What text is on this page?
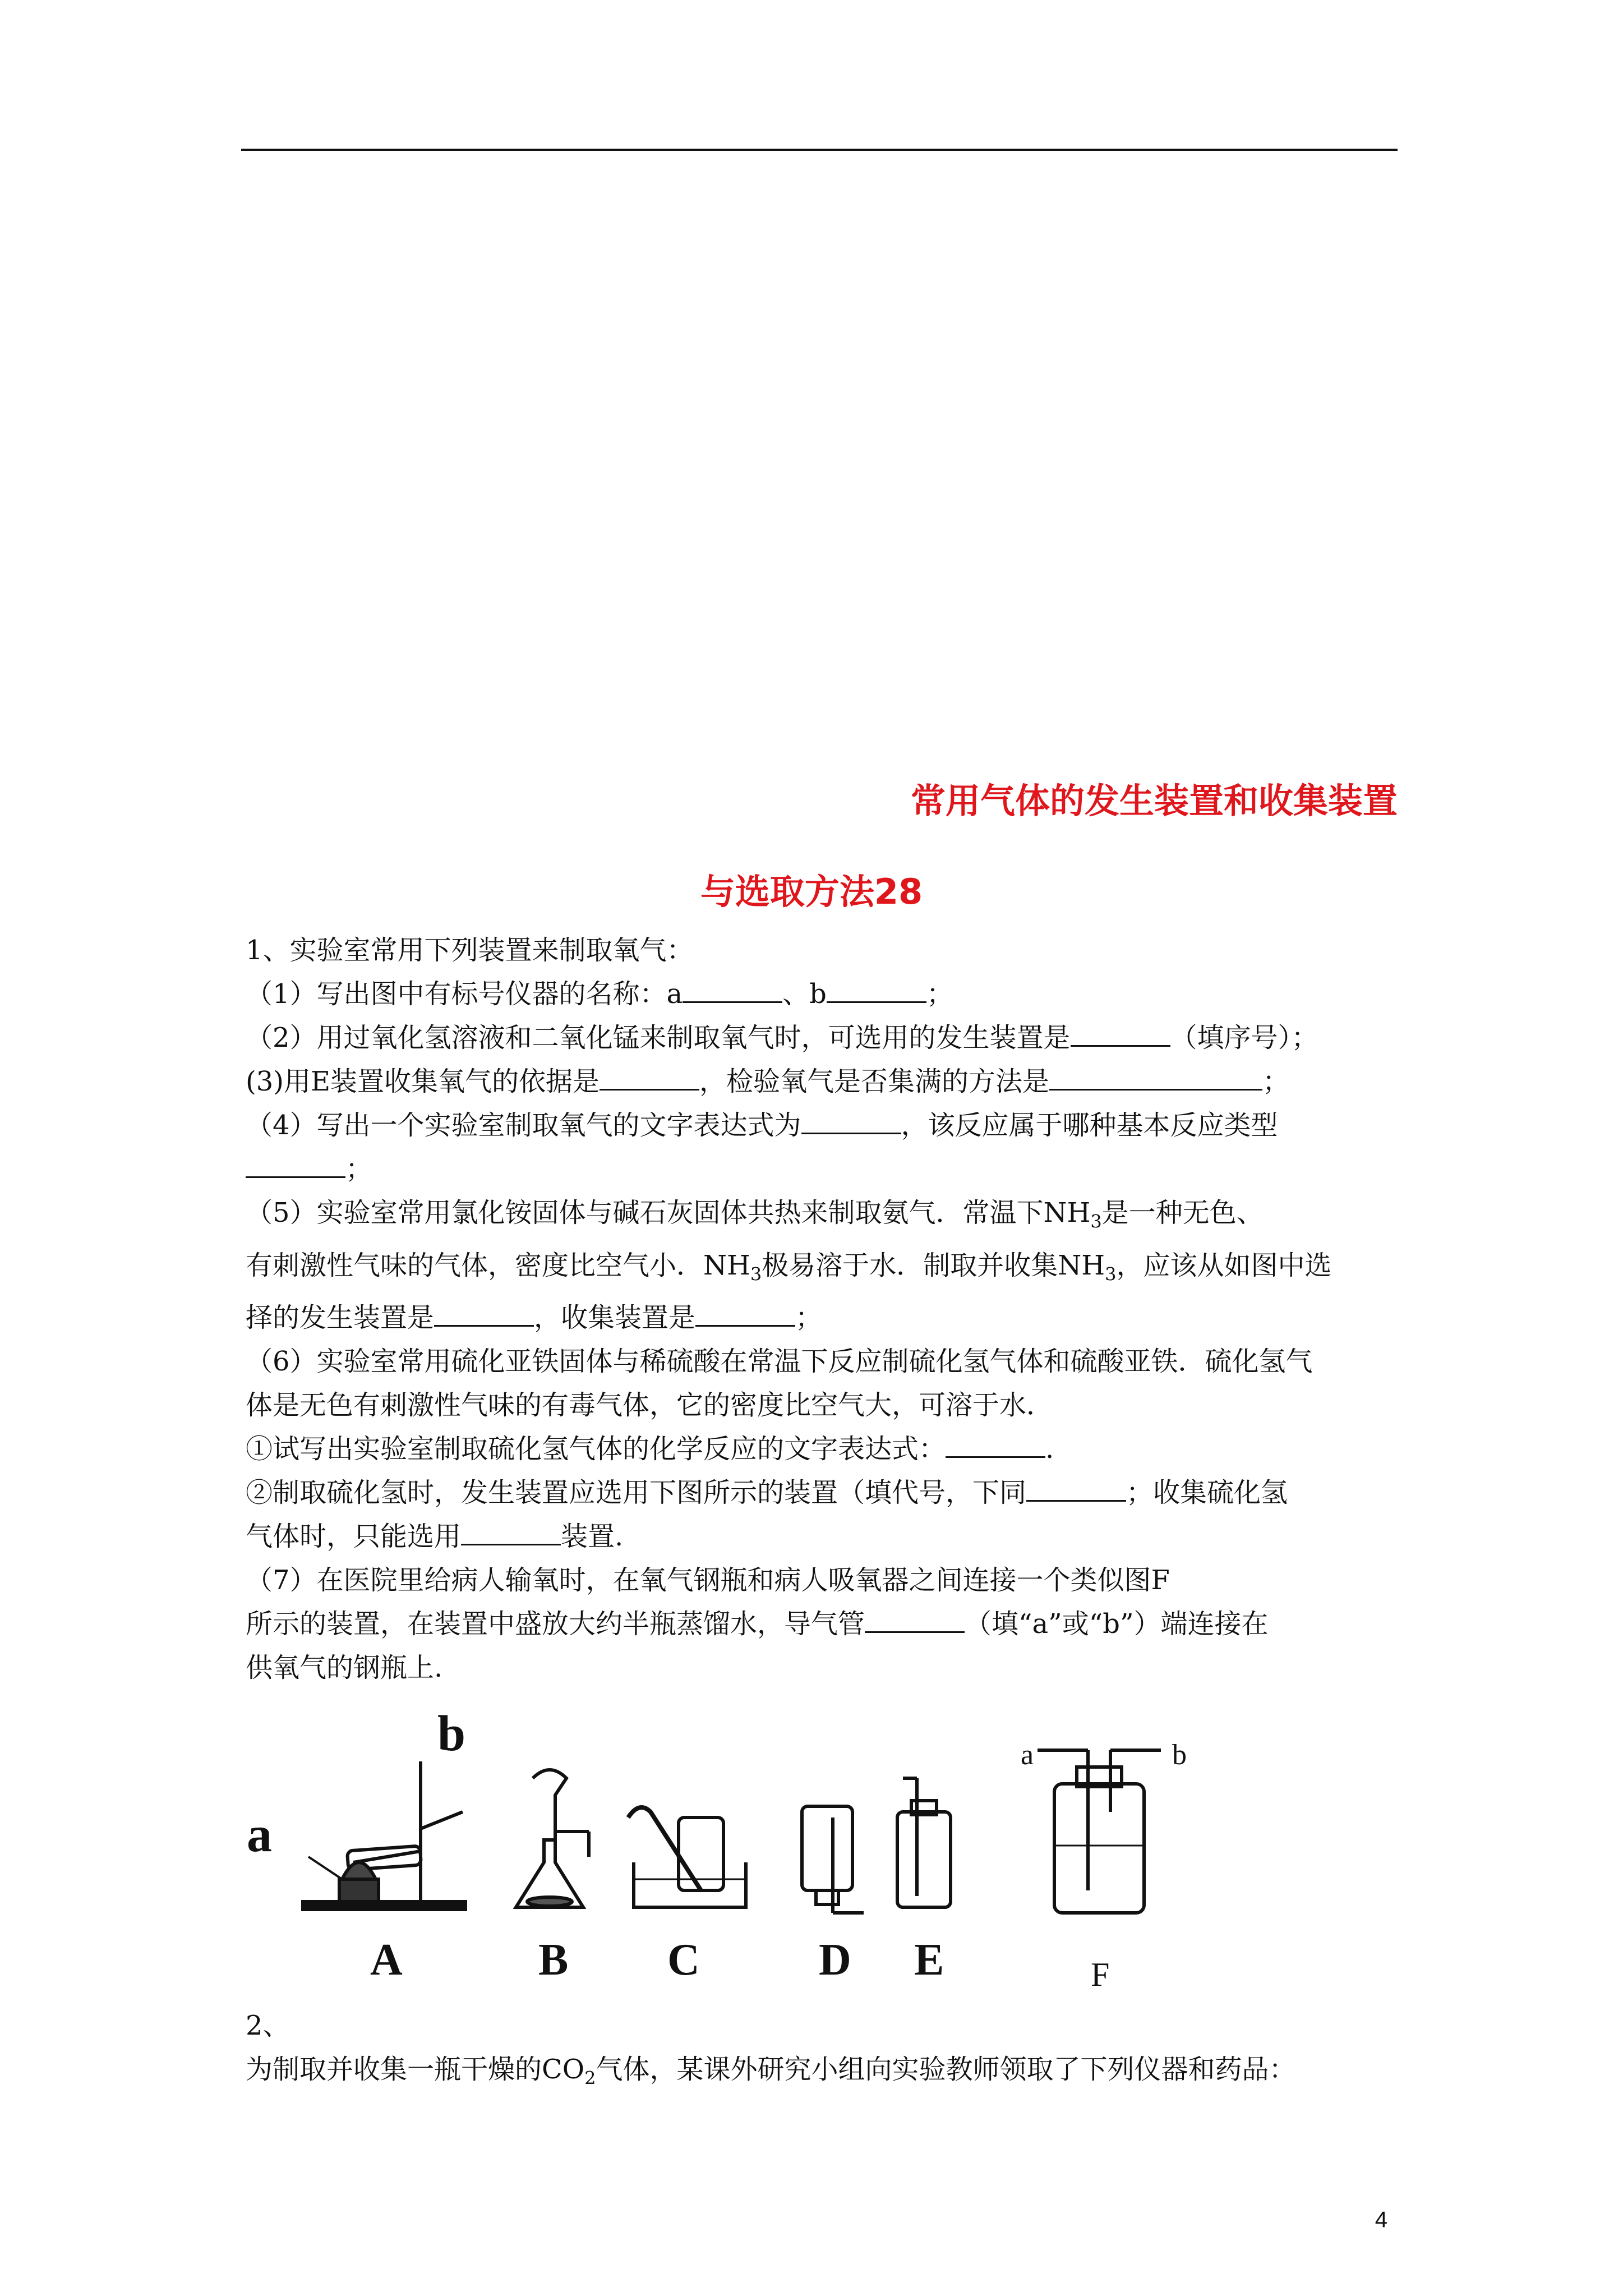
常用气体的发生装置和收集装置
与选取方法28

1、实验室常用下列装置来制取氧气：

（1）写出图中有标号仪器的名称：a	、b	；

（2）用过氧化氢溶液和二氧化锰来制取氧气时，可选用的发生装置是	（填序号）；

(3)用E装置收集氧气的依据是	，检验氧气是否集满的方法是	；

（4）写出一个实验室制取氧气的文字表达式为	，该反应属于哪种基本反应类型

；

（5）实验室常用氯化铵固体与碱石灰固体共热来制取氨气．常温下$NH_3$是一种无色、

有刺激性气味的气体，密度比空气小．$NH_3$极易溶于水．制取并收集$NH_3$，应该从如图中选

择的发生装置是	，收集装置是	；

（6）实验室常用硫化亚铁固体与稀硫酸在常温下反应制硫化氢气体和硫酸亚铁．硫化氢气

体是无色有刺激性气味的有毒气体，它的密度比空气大，可溶于水．

①试写出实验室制取硫化氢气体的化学反应的文字表达式：	.

②制取硫化氢时，发生装置应选用下图所示的装置（填代号，下同	；收集硫化氢

气体时，只能选用	装置.

（7）在医院里给病人输氧时，在氧气钢瓶和病人吸氧器之间连接一个类似图F

所示的装置，在装置中盛放大约半瓶蒸馏水，导气管	（填“a”或“b”）端连接在

供氧气的钢瓶上.

a
b
A	B C	D E	F
a	b

2、

为制取并收集一瓶干燥的$CO_2$气体，某课外研究小组向实验教师领取了下列仪器和药品：

4
